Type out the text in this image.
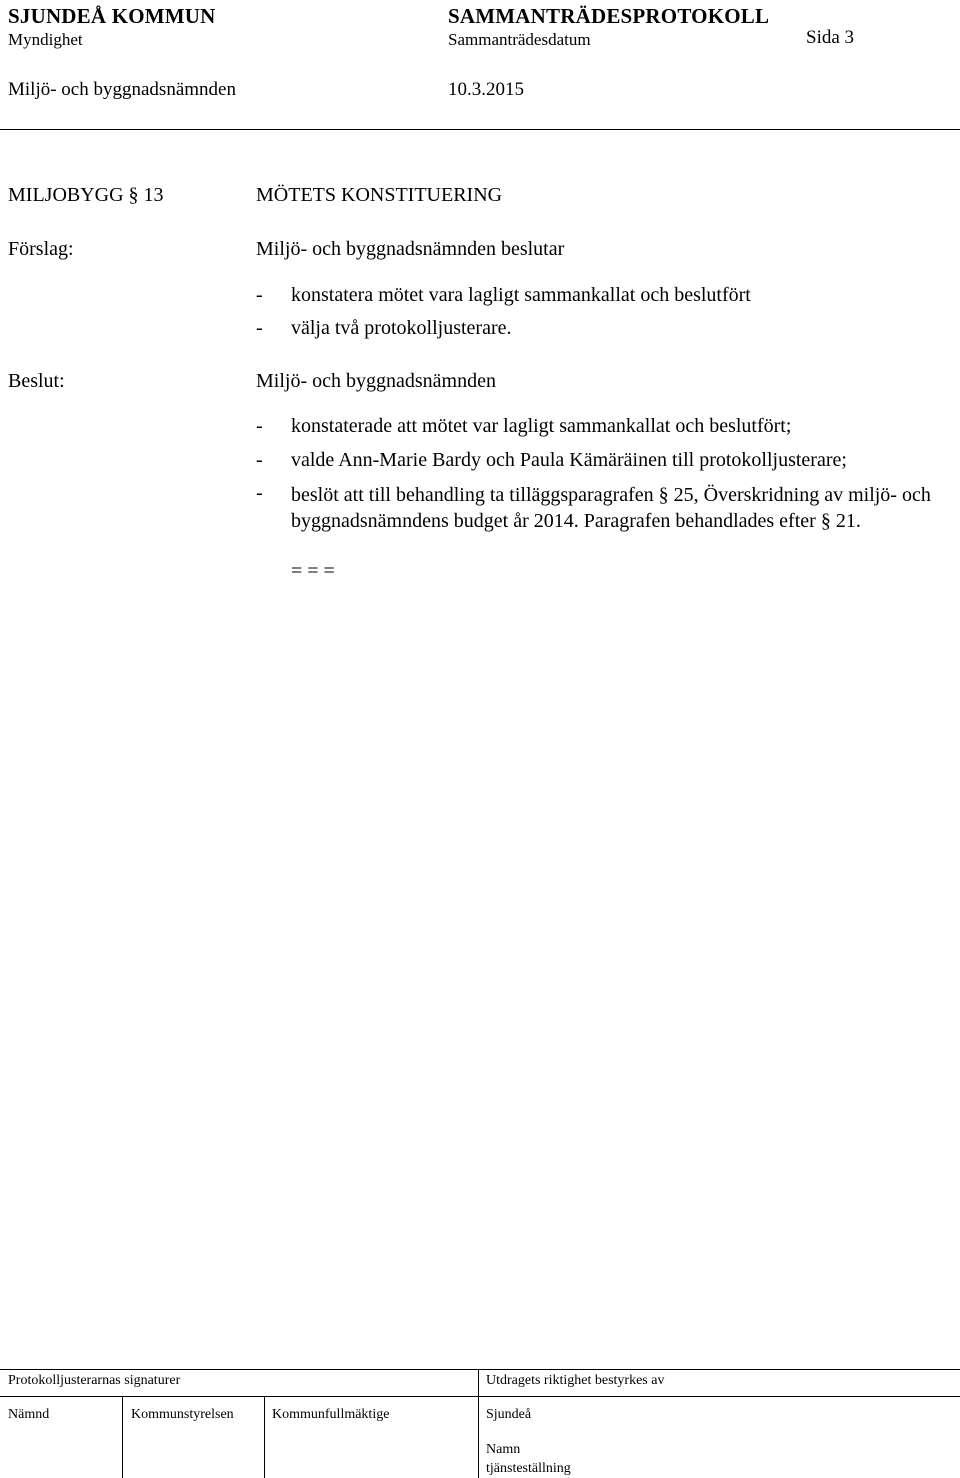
SJUNDEÅ KOMMUN	SAMMANTRÄDESPROTOKOLL
Myndighet	Sammanträdesdatum	Sida 3
Miljö- och byggnadsnämnden	10.3.2015
MILJOBYGG § 13	MÖTETS KONSTITUERING
Förslag:	Miljö- och byggnadsnämnden beslutar
- konstatera mötet vara lagligt sammankallat och beslutfört
- välja två protokolljusterare.
Beslut:	Miljö- och byggnadsnämnden
- konstaterade att mötet var lagligt sammankallat och beslutfört;
- valde Ann-Marie Bardy och Paula Kämäräinen till protokolljusterare;
- beslöt att till behandling ta tilläggsparagrafen § 25, Överskridning av miljö- och byggnadsnämndens budget år 2014. Paragrafen behandlades efter § 21.
= = =
Protokolljusterarnas signaturer	Utdragets riktighet bestyrkes av
Nämnd	Kommunstyrelsen	Kommunfullmäktige	Sjundeå
Namn
tjänsteställning
